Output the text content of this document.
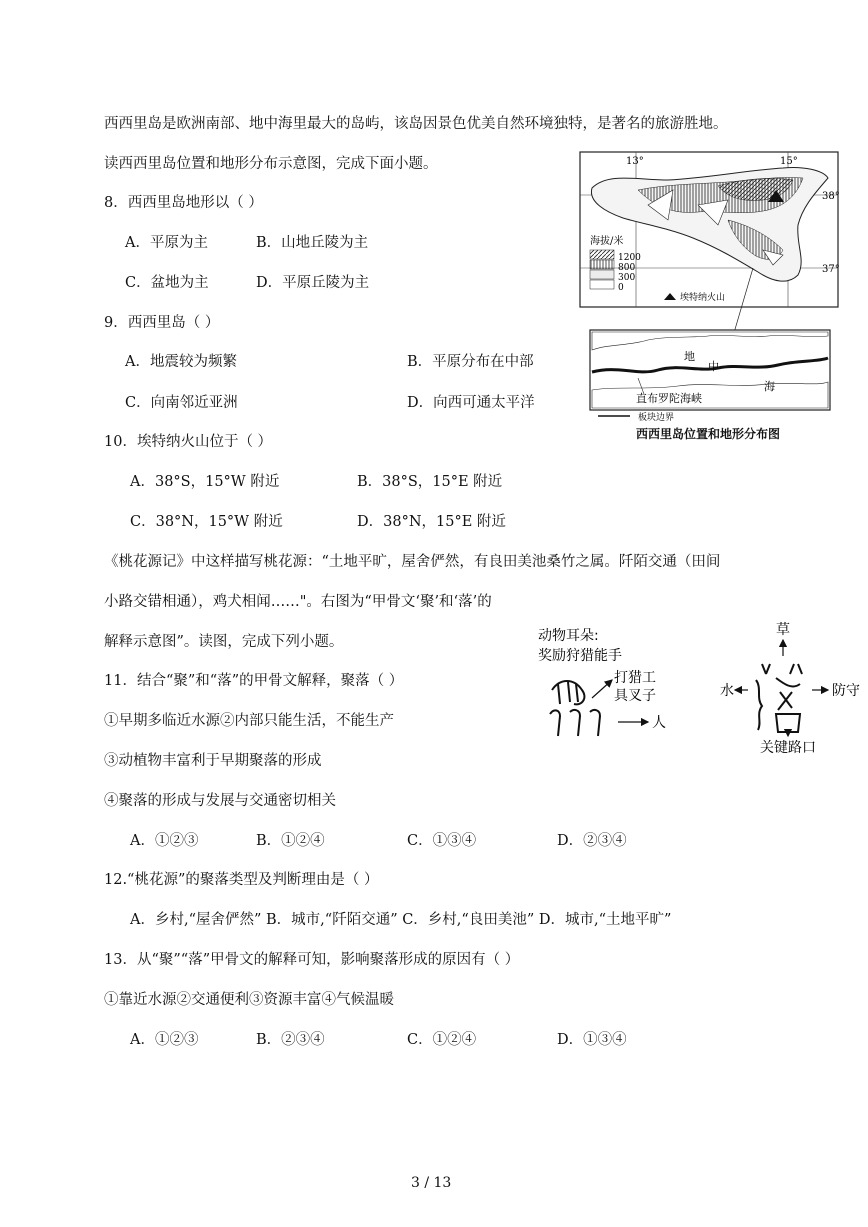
西西里岛是欧洲南部、地中海里最大的岛屿，该岛因景色优美自然环境独特，是著名的旅游胜地。
读西西里岛位置和地形分布示意图，完成下面小题。
8．西西里岛地形以（ ）
A．平原为主	B．山地丘陵为主
C．盆地为主	D．平原丘陵为主
9．西西里岛（ ）
A．地震较为频繁	B．平原分布在中部
C．向南邻近亚洲	D．向西可通太平洋
10．埃特纳火山位于（ ）
A．38°S，15°W 附近	B．38°S，15°E 附近
C．38°N，15°W 附近	D．38°N，15°E 附近
《桃花源记》中这样描写桃花源：“土地平旷，屋舍俨然，有良田美池桑竹之属。阡陌交通（田间
小路交错相通），鸡犬相闻……"。右图为“甲骨文‘聚’和‘落’的
解释示意图”。读图，完成下列小题。
11．结合“聚”和“落”的甲骨文解释，聚落（ ）
①早期多临近水源②内部只能生活，不能生产
③动植物丰富利于早期聚落的形成
④聚落的形成与发展与交通密切相关
A．①②③	B．①②④	C．①③④	D．②③④
12.“桃花源”的聚落类型及判断理由是（ ）
A．乡村,“屋舍俨然” B．城市,“阡陌交通” C．乡村,“良田美池” D．城市,“土地平旷”
13．从“聚”“落”甲骨文的解释可知，影响聚落形成的原因有（ ）
①靠近水源②交通便利③资源丰富④气候温暖
A．①②③	B．②③④	C．①②④	D．①③④
13°	15°
38°
37°
海拔/米
1200
800
300
0
埃特纳火山
地
中
海
直布罗陀海峡
板块边界
西西里岛位置和地形分布图
动物耳朵:
奖励狩猎能手
打猎工
具叉子
人
草
水	防守
关键路口
3 / 13
